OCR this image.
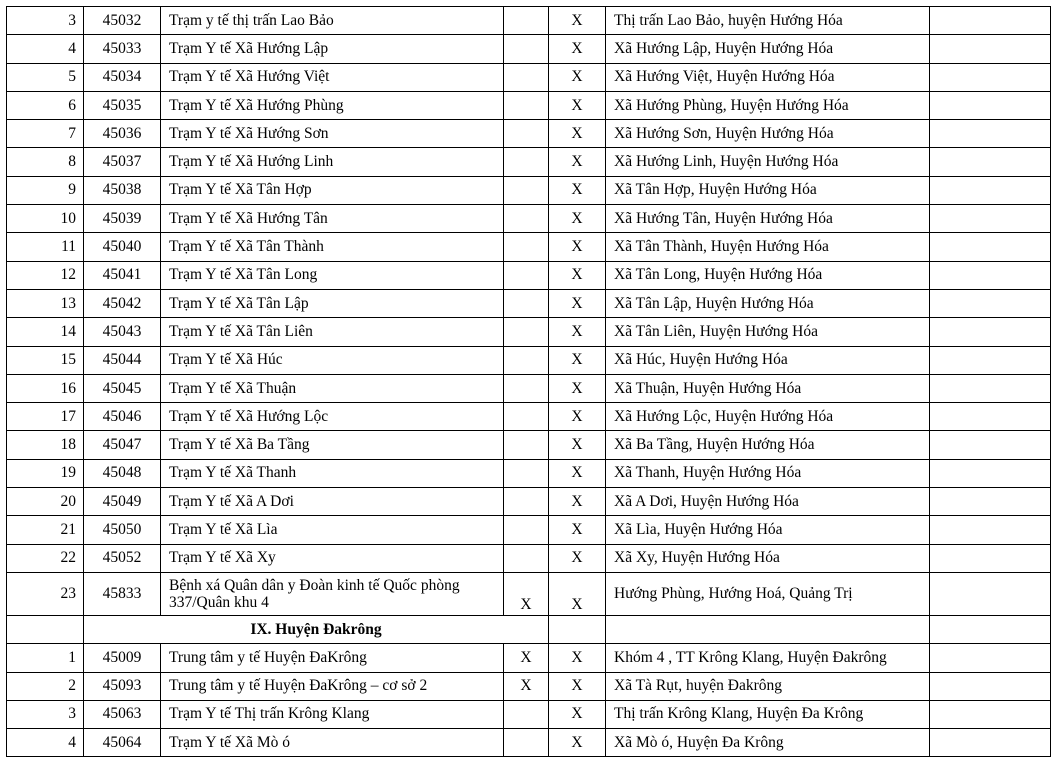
3	45032	Trạm y tế thị trấn Lao Bảo		X	Thị trấn Lao Bảo, huyện Hướng Hóa	
4	45033	Trạm Y tế Xã Hướng Lập		X	Xã Hướng Lập, Huyện Hướng Hóa	
5	45034	Trạm Y tế Xã Hướng Việt		X	Xã Hướng Việt, Huyện Hướng Hóa	
6	45035	Trạm Y tế Xã Hướng Phùng		X	Xã Hướng Phùng, Huyện Hướng Hóa	
7	45036	Trạm Y tế Xã Hướng Sơn		X	Xã Hướng Sơn, Huyện Hướng Hóa	
8	45037	Trạm Y tế Xã Hướng Linh		X	Xã Hướng Linh, Huyện Hướng Hóa	
9	45038	Trạm Y tế Xã Tân Hợp		X	Xã Tân Hợp, Huyện Hướng Hóa	
10	45039	Trạm Y tế Xã Hướng Tân		X	Xã Hướng Tân, Huyện Hướng Hóa	
11	45040	Trạm Y tế Xã Tân Thành		X	Xã Tân Thành, Huyện Hướng Hóa	
12	45041	Trạm Y tế Xã Tân Long		X	Xã Tân Long, Huyện Hướng Hóa	
13	45042	Trạm Y tế Xã Tân Lập		X	Xã Tân Lập, Huyện Hướng Hóa	
14	45043	Trạm Y tế Xã Tân Liên		X	Xã Tân Liên, Huyện Hướng Hóa	
15	45044	Trạm Y tế Xã Húc		X	Xã Húc, Huyện Hướng Hóa	
16	45045	Trạm Y tế Xã Thuận		X	Xã Thuận, Huyện Hướng Hóa	
17	45046	Trạm Y tế Xã Hướng Lộc		X	Xã Hướng Lộc, Huyện Hướng Hóa	
18	45047	Trạm Y tế Xã Ba Tầng		X	Xã Ba Tầng, Huyện Hướng Hóa	
19	45048	Trạm Y tế Xã Thanh		X	Xã Thanh, Huyện Hướng Hóa	
20	45049	Trạm Y tế Xã A Dơi		X	Xã A Dơi, Huyện Hướng Hóa	
21	45050	Trạm Y tế Xã Lìa		X	Xã Lìa, Huyện Hướng Hóa	
22	45052	Trạm Y tế Xã Xy		X	Xã Xy, Huyện Hướng Hóa	
23	45833	Bệnh xá Quân dân y Đoàn kinh tế Quốc phòng 337/Quân khu 4	X	X	Hướng Phùng, Hướng Hoá, Quảng Trị	
	IX. Huyện Đakrông					
1	45009	Trung tâm y tế Huyện ĐaKrông	X	X	Khóm 4 , TT Krông Klang, Huyện Đakrông	
2	45093	Trung tâm y tế Huyện ĐaKrông – cơ sở 2	X	X	Xã Tà Rụt, huyện Đakrông	
3	45063	Trạm Y tế Thị trấn Krông Klang		X	Thị trấn Krông Klang, Huyện Đa Krông	
4	45064	Trạm Y tế Xã Mò ó		X	Xã Mò ó, Huyện Đa Krông	
